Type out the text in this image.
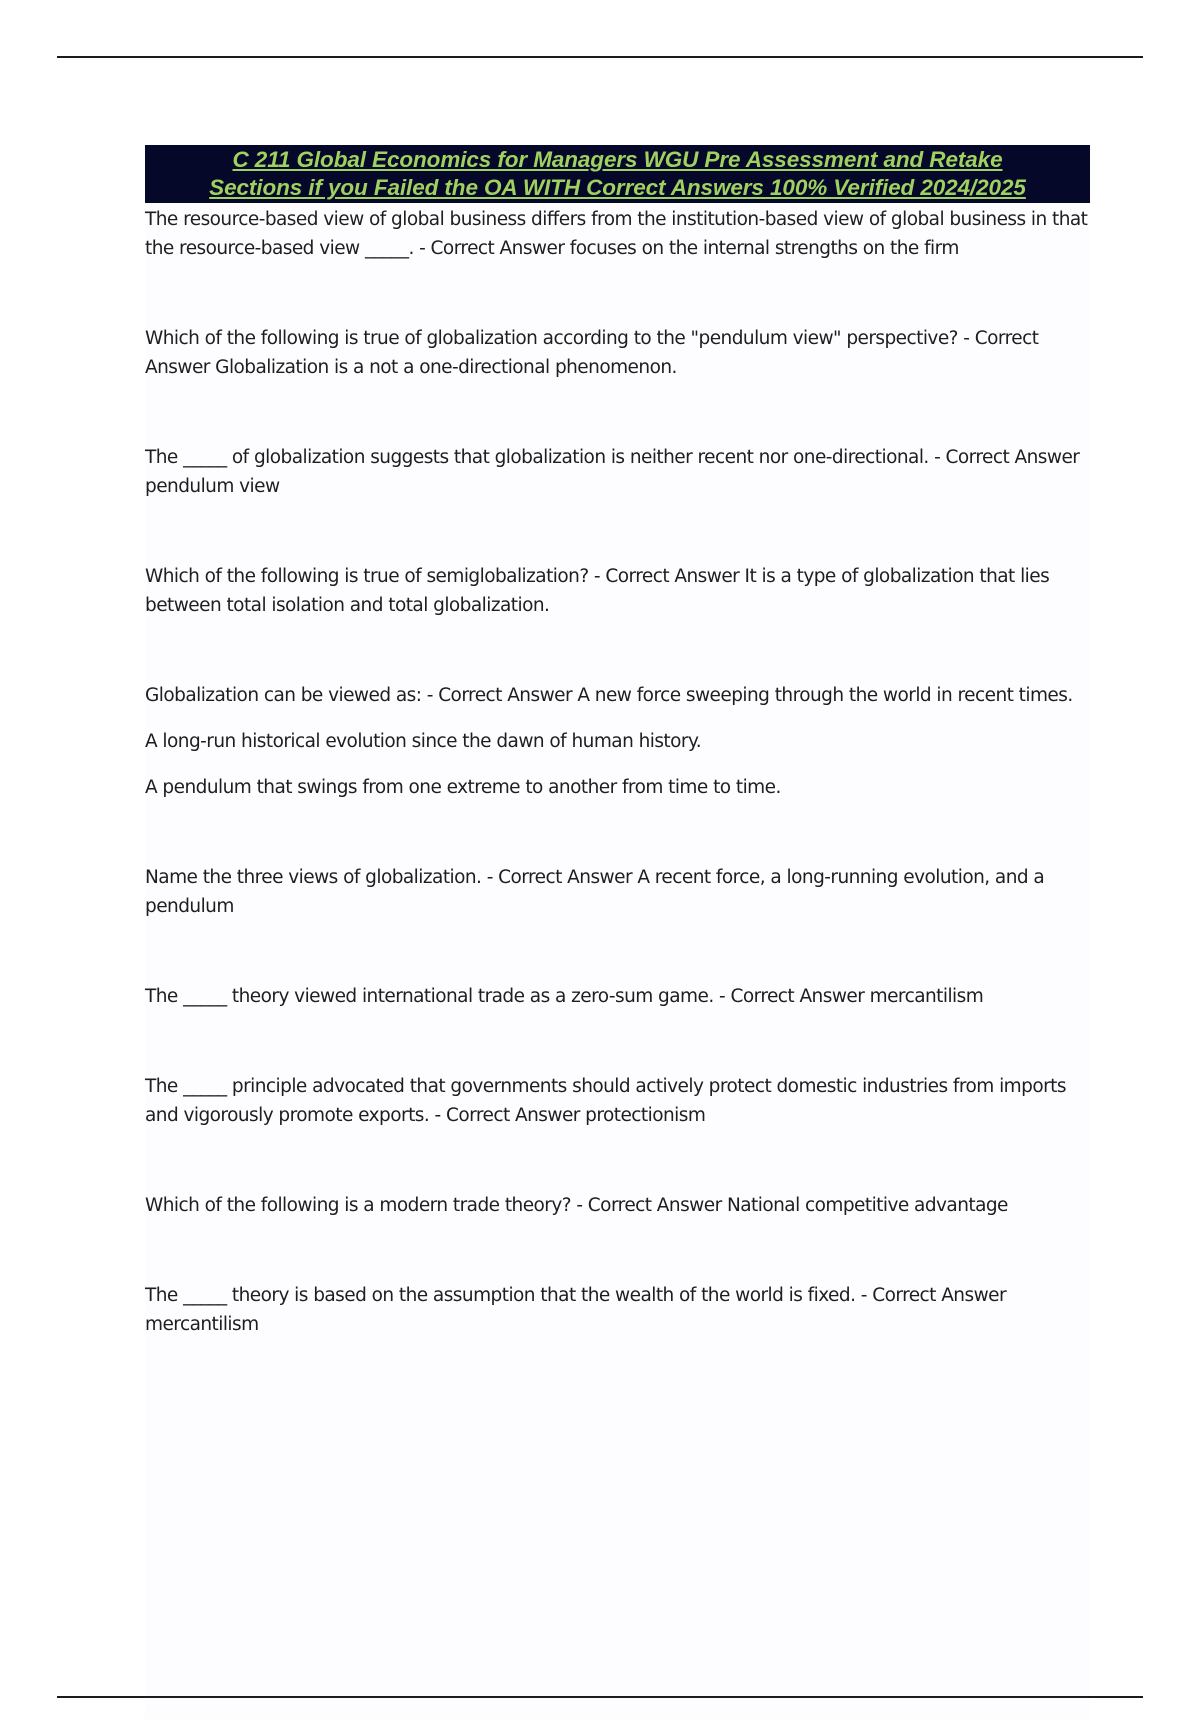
C 211 Global Economics for Managers WGU Pre Assessment and Retake
Sections if you Failed the OA WITH Correct Answers 100% Verified 2024/2025

The resource-based view of global business differs from the institution-based view of global business in that the resource-based view _____. - Correct Answer focuses on the internal strengths on the firm

Which of the following is true of globalization according to the "pendulum view" perspective? - Correct Answer Globalization is a not a one-directional phenomenon.

The _____ of globalization suggests that globalization is neither recent nor one-directional. - Correct Answer pendulum view

Which of the following is true of semiglobalization? - Correct Answer It is a type of globalization that lies between total isolation and total globalization.

Globalization can be viewed as: - Correct Answer A new force sweeping through the world in recent times.

A long-run historical evolution since the dawn of human history.

A pendulum that swings from one extreme to another from time to time.

Name the three views of globalization. - Correct Answer A recent force, a long-running evolution, and a pendulum

The _____ theory viewed international trade as a zero-sum game. - Correct Answer mercantilism

The _____ principle advocated that governments should actively protect domestic industries from imports and vigorously promote exports. - Correct Answer protectionism

Which of the following is a modern trade theory? - Correct Answer National competitive advantage

The _____ theory is based on the assumption that the wealth of the world is fixed. - Correct Answer mercantilism
